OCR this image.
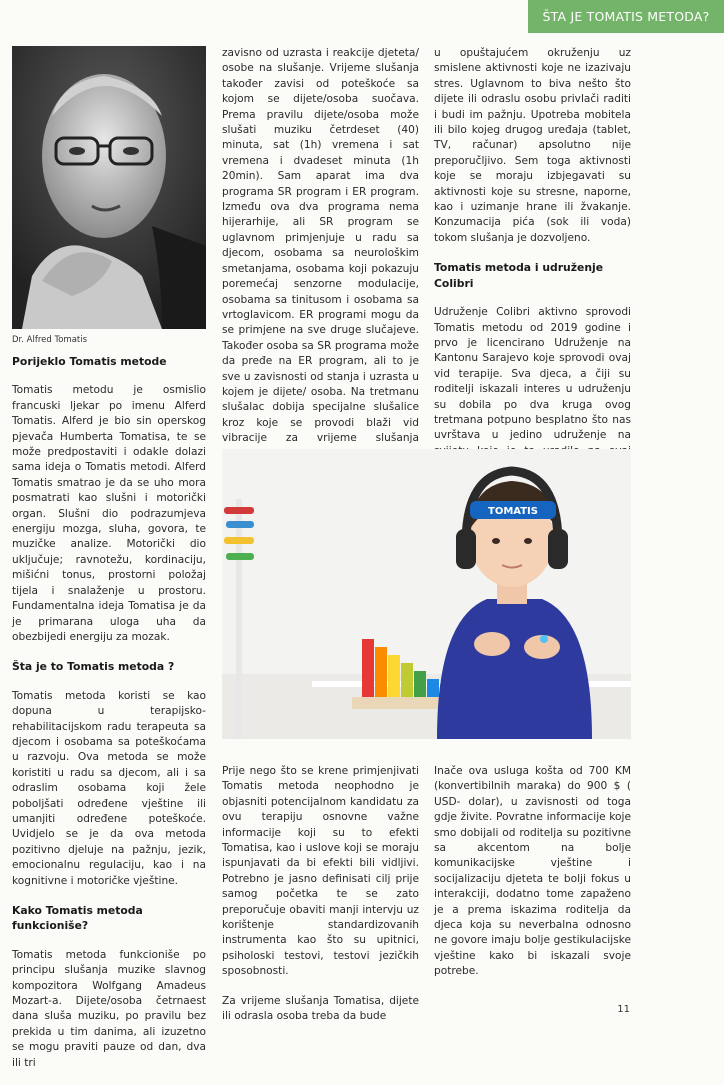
ŠTA JE TOMATIS METODA?
Dr. Alfred Tomatis
Porijeklo Tomatis metode

Tomatis metodu je osmislio francuski ljekar po imenu Alferd Tomatis. Alferd je bio sin operskog pjevača Humberta Tomatisa, te se može predpostaviti i odakle dolazi sama ideja o Tomatis metodi. Alferd Tomatis smatrao je da se uho mora posmatrati kao slušni i motorički organ. Slušni dio podrazumjeva energiju mozga, sluha, govora, te muzičke analize. Motorički dio uključuje; ravnotežu, kordinaciju, mišićni tonus, prostorni položaj tijela i snalaženje u prostoru. Fundamentalna ideja Tomatisa je da je primarana uloga uha da obezbijedi energiju za mozak.

Šta je to Tomatis metoda ?

Tomatis metoda koristi se kao dopuna u terapijsko- rehabilitacijskom radu terapeuta sa djecom i osobama sa poteškoćama u razvoju. Ova metoda se može koristiti u radu sa djecom, ali i sa odraslim osobama koji žele poboljšati određene vještine ili umanjiti određene poteškoće. Uvidjelo se je da ova metoda pozitivno djeluje na pažnju, jezik, emocionalnu regulaciju, kao i na kognitivne i motoričke vještine.

Kako Tomatis metoda funkcioniše?

Tomatis metoda funkcioniše po principu slušanja muzike slavnog kompozitora Wolfgang Amadeus Mozart-a. Dijete/osoba četrnaest dana sluša muziku, po pravilu bez prekida u tim danima, ali izuzetno se mogu praviti pauze od dan, dva ili tri

zavisno od uzrasta i reakcije djeteta/ osobe na slušanje. Vrijeme slušanja također zavisi od poteškoće sa kojom se dijete/osoba suočava. Prema pravilu dijete/osoba može slušati muziku četrdeset (40) minuta, sat (1h) vremena i sat vremena i dvadeset minuta (1h 20min). Sam aparat ima dva programa SR program i ER program. Između ova dva programa nema hijerarhije, ali SR program se uglavnom primjenjuje u radu sa djecom, osobama sa neurološkim smetanjama, osobama koji pokazuju poremećaj senzorne modulacije, osobama sa tinitusom i osobama sa vrtoglavicom. ER programi mogu da se primjene na sve druge slučajeve. Također osoba sa SR programa može da pređe na ER program, ali to je sve u zavisnosti od stanja i uzrasta u kojem je dijete/ osoba. Na tretmanu slušalac dobija specijalne slušalice kroz koje se provodi blaži vid vibracije za vrijeme slušanja

u opuštajućem okruženju uz smislene aktivnosti koje ne izazivaju stres. Uglavnom to biva nešto što dijete ili odraslu osobu privlači raditi i budi im pažnju. Upotreba mobitela ili bilo kojeg drugog uređaja (tablet, TV, računar) apsolutno nije preporučljivo. Sem toga aktivnosti koje se moraju izbjegavati su aktivnosti koje su stresne, naporne, kao i uzimanje hrane ili žvakanje. Konzumacija pića (sok ili voda) tokom slušanja je dozvoljeno.

Tomatis metoda i udruženje Colibri

Udruženje Colibri aktivno sprovodi Tomatis metodu od 2019 godine i prvo je licencirano Udruženje na Kantonu Sarajevo koje sprovodi ovaj vid terapije. Sva djeca, a čiji su roditelji iskazali interes u udruženju su dobila po dva kruga ovog tretmana potpuno besplatno što nas uvrštava u jedino udruženje na

TOMATIS

Prije nego što se krene primjenjivati Tomatis metoda neophodno je objasniti potencijalnom kandidatu za ovu terapiju osnovne važne informacije koji su to efekti Tomatisa, kao i uslove koji se moraju ispunjavati da bi efekti bili vidljivi. Potrebno je jasno definisati cilj prije samog početka te se zato preporučuje obaviti manji intervju uz korištenje standardizovanih instrumenta kao što su upitnici, psiholoski testovi, testovi jezičkih sposobnosti.

Za vrijeme slušanja Tomatisa, dijete ili odrasla osoba treba da bude

Inače ova usluga košta od 700 KM (konvertibilnih maraka) do 900 $ ( USD- dolar), u zavisnosti od toga gdje živite. Povratne informacije koje smo dobijali od roditelja su pozitivne sa akcentom na bolje komunikacijske vještine i socijalizaciju djeteta te bolji fokus u interakciji, dodatno tome zapaženo je a prema iskazima roditelja da djeca koja su neverbalna odnosno ne govore imaju bolje gestikulacijske vještine kako bi iskazali svoje potrebe.

11
